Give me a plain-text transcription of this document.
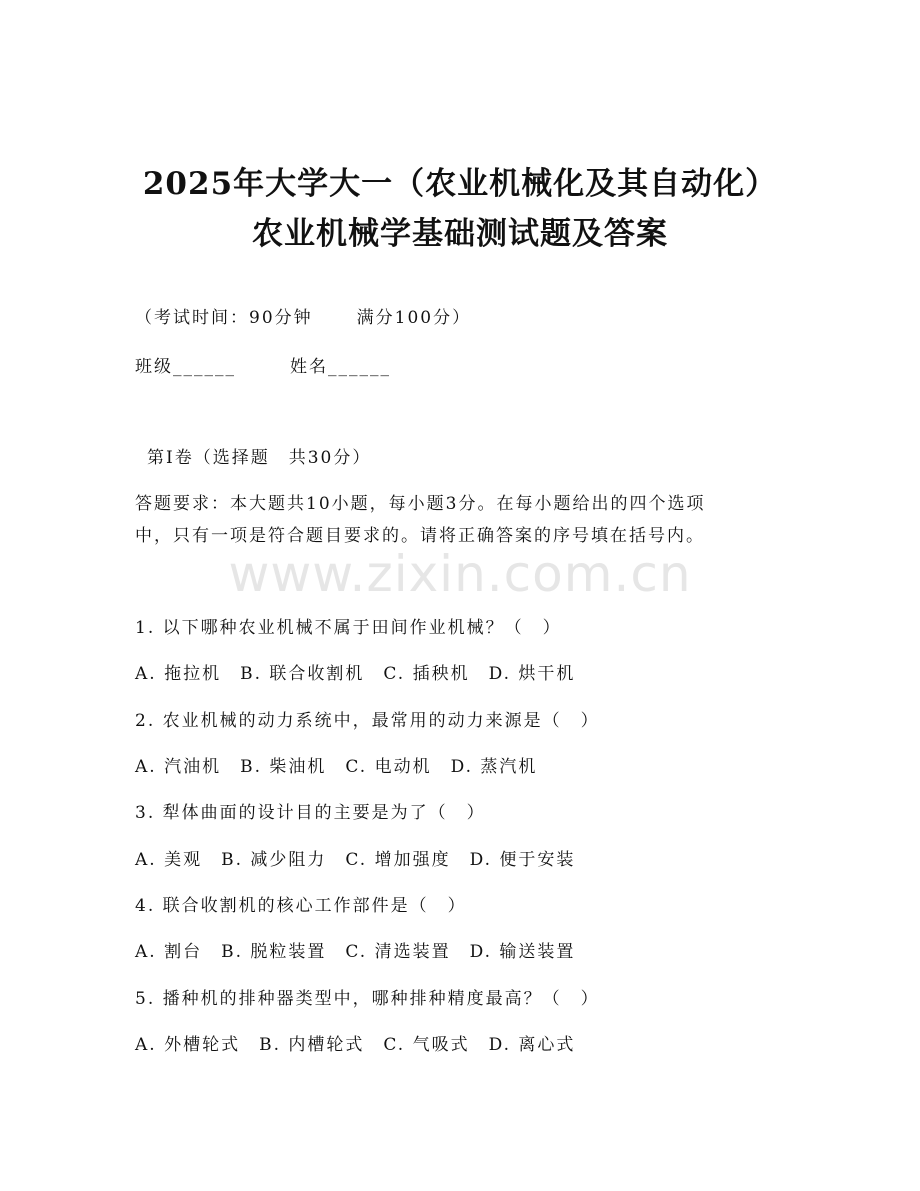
www.zixin.com.cn
2025年大学大一（农业机械化及其自动化）
农业机械学基础测试题及答案
（考试时间：90分钟	满分100分）
班级______	姓名______
第Ⅰ卷（选择题　共30分）
答题要求：本大题共10小题，每小题3分。在每小题给出的四个选项
中，只有一项是符合题目要求的。请将正确答案的序号填在括号内。
1. 以下哪种农业机械不属于田间作业机械？（　）
A. 拖拉机　B. 联合收割机　C. 插秧机　D. 烘干机
2. 农业机械的动力系统中，最常用的动力来源是（　）
A. 汽油机　B. 柴油机　C. 电动机　D. 蒸汽机
3. 犁体曲面的设计目的主要是为了（　）
A. 美观　B. 减少阻力　C. 增加强度　D. 便于安装
4. 联合收割机的核心工作部件是（　）
A. 割台　B. 脱粒装置　C. 清选装置　D. 输送装置
5. 播种机的排种器类型中，哪种排种精度最高？（　）
A. 外槽轮式　B. 内槽轮式　C. 气吸式　D. 离心式
